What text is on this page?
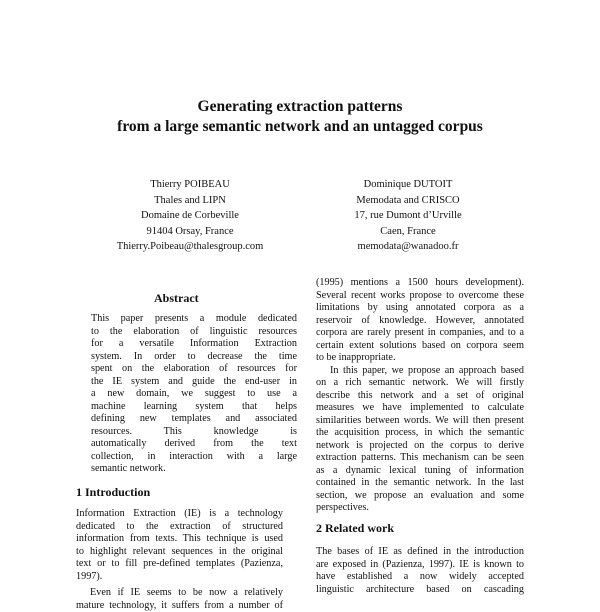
Generating extraction patterns
from a large semantic network and an untagged corpus
Thierry POIBEAU
Thales and LIPN
Domaine de Corbeville
91404 Orsay, France
Thierry.Poibeau@thalesgroup.com
Dominique DUTOIT
Memodata and CRISCO
17, rue Dumont d’Urville
Caen, France
memodata@wanadoo.fr
Abstract
This paper presents a module dedicated
to the elaboration of linguistic resources
for a versatile Information Extraction
system. In order to decrease the time
spent on the elaboration of resources for
the IE system and guide the end-user in
a new domain, we suggest to use a
machine learning system that helps
defining new templates and associated
resources. This knowledge is
automatically derived from the text
collection, in interaction with a large
semantic network.
1 Introduction
Information Extraction (IE) is a technology
dedicated to the extraction of structured
information from texts. This technique is used
to highlight relevant sequences in the original
text or to fill pre-defined templates (Pazienza,
1997).
Even if IE seems to be now a relatively
mature technology, it suffers from a number of
(1995) mentions a 1500 hours development).
Several recent works propose to overcome these
limitations by using annotated corpora as a
reservoir of knowledge. However, annotated
corpora are rarely present in companies, and to a
certain extent solutions based on corpora seem
to be inappropriate.
In this paper, we propose an approach based
on a rich semantic network. We will firstly
describe this network and a set of original
measures we have implemented to calculate
similarities between words. We will then present
the acquisition process, in which the semantic
network is projected on the corpus to derive
extraction patterns. This mechanism can be seen
as a dynamic lexical tuning of information
contained in the semantic network. In the last
section, we propose an evaluation and some
perspectives.
2 Related work
The bases of IE as defined in the introduction
are exposed in (Pazienza, 1997). IE is known to
have established a now widely accepted
linguistic architecture based on cascading
